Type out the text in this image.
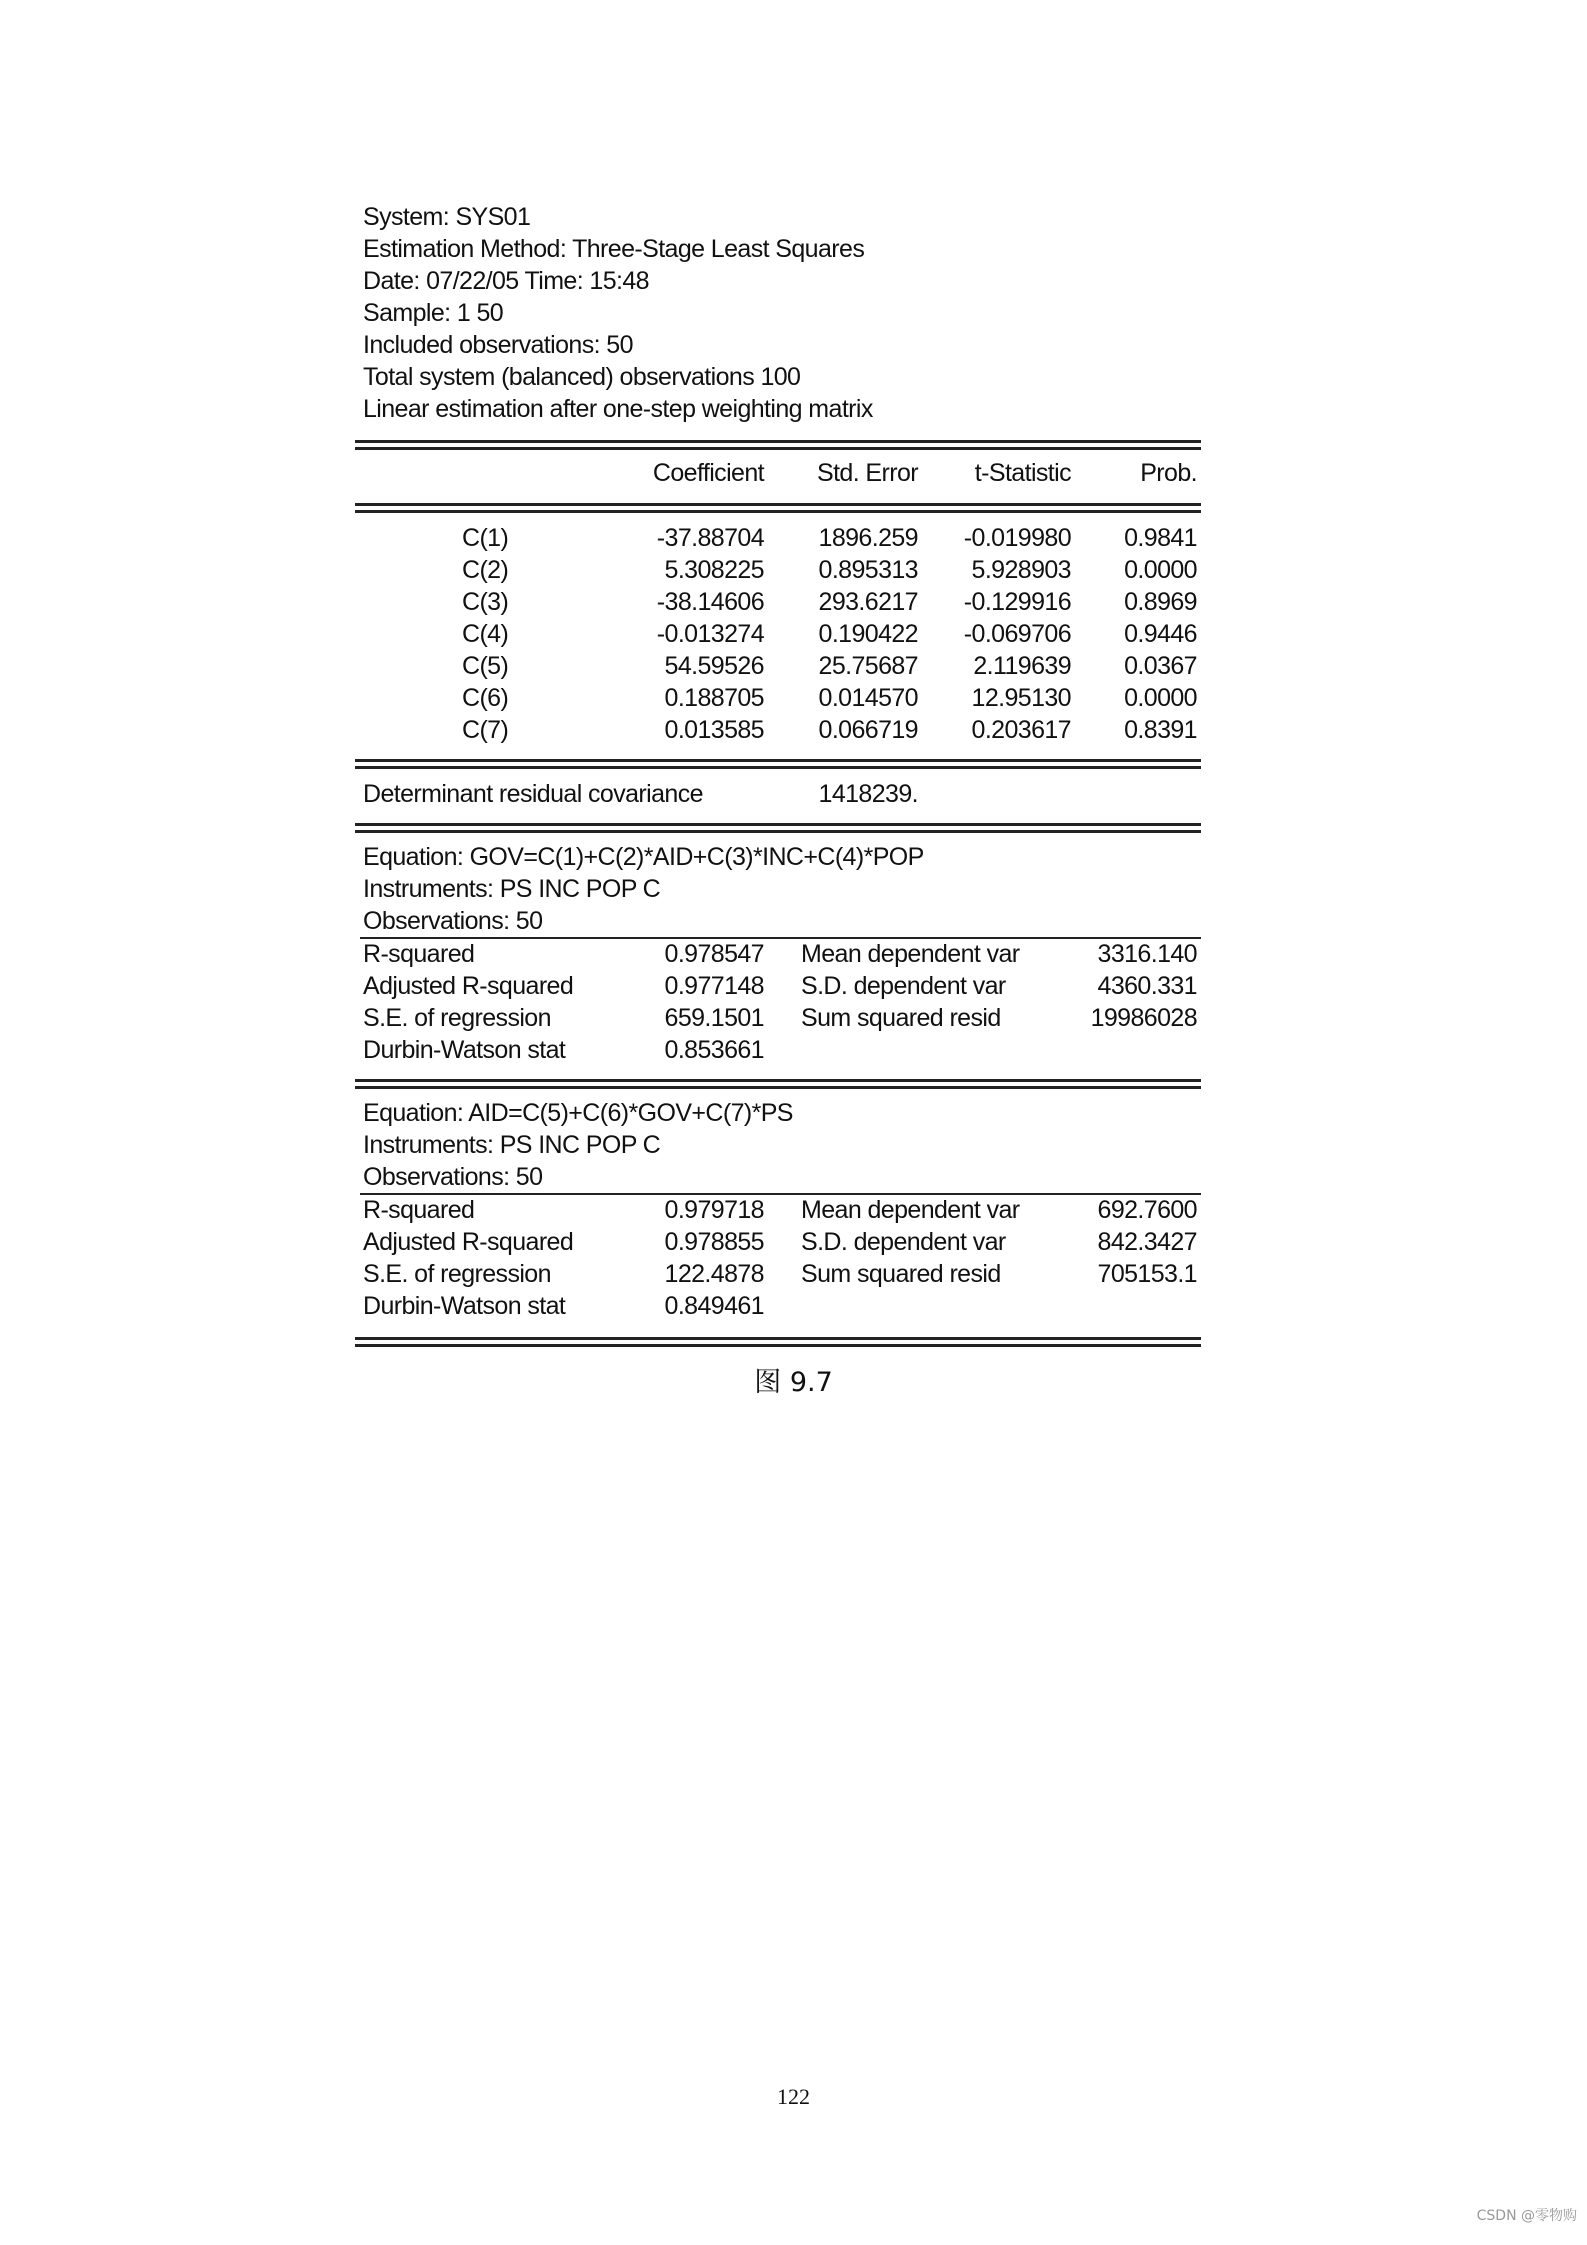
System: SYS01
Estimation Method: Three-Stage Least Squares
Date: 07/22/05 Time: 15:48
Sample: 1 50
Included observations: 50
Total system (balanced) observations 100
Linear estimation after one-step weighting matrix
Coefficient Std. Error t-Statistic	Prob.
C(1)	-37.88704 1896.259 -0.019980 0.9841
C(2)	5.308225 0.895313 5.928903 0.0000
C(3)	-38.14606 293.6217 -0.129916 0.8969
C(4)	-0.013274 0.190422 -0.069706 0.9446
C(5)	54.59526 25.75687 2.119639 0.0367
C(6)	0.188705 0.014570 12.95130 0.0000
C(7)	0.013585 0.066719 0.203617 0.8391
Determinant residual covariance	1418239.
Equation: GOV=C(1)+C(2)*AID+C(3)*INC+C(4)*POP
Instruments: PS INC POP C
Observations: 50
R-squared	0.978547 Mean dependent var	3316.140
Adjusted R-squared	0.977148 S.D. dependent var	4360.331
S.E. of regression	659.1501 Sum squared resid	19986028
Durbin-Watson stat	0.853661
Equation: AID=C(5)+C(6)*GOV+C(7)*PS
Instruments: PS INC POP C
Observations: 50
R-squared	0.979718 Mean dependent var	692.7600
Adjusted R-squared	0.978855 S.D. dependent var	842.3427
S.E. of regression	122.4878 Sum squared resid	705153.1
Durbin-Watson stat	0.849461
图 9.7
122
CSDN @零物购
